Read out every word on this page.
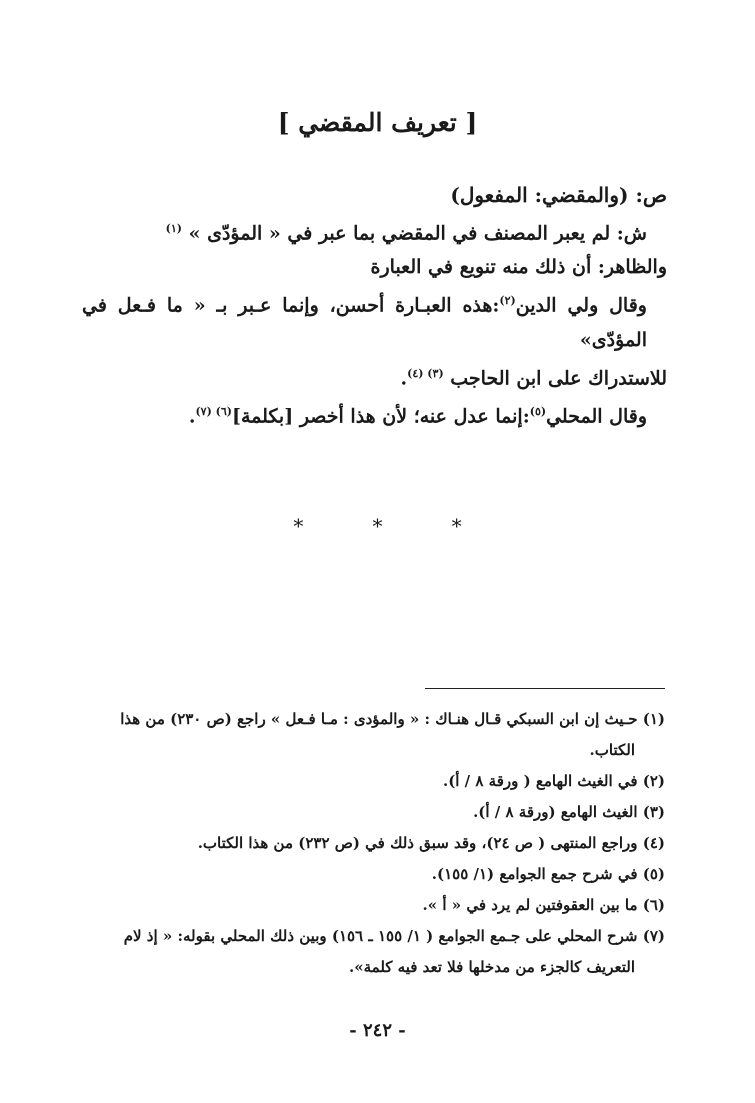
[ تعريف المقضي ]
ص: (والمقضي: المفعول)
ش: لم يعبر المصنف في المقضي بما عبر في « المؤدّى » $^{(١)}$
والظاهر: أن ذلك منه تنويع في العبارة
وقال ولي الدين$^{(٢)}$:هذه العبـارة أحسن، وإنما عـبر بـ « ما فـعل في المؤدّى»
للاستدراك على ابن الحاجب $^{(٣) (٤)}$.
وقال المحلي$^{(٥)}$:إنما عدل عنه؛ لأن هذا أخصر [بكلمة]$^{(٦) (٧)}$.
*	*	*
(١) حـيث إن ابن السبكي قـال هنـاك : « والمؤدى : مـا فـعل » راجع (ص ٢٣٠) من هذا
الكتاب.
(٢) في الغيث الهامع ( ورقة ٨ / أ).
(٣) الغيث الهامع (ورقة ٨ / أ).
(٤) وراجع المنتهى ( ص ٢٤)، وقد سبق ذلك في (ص ٢٣٢) من هذا الكتاب.
(٥) في شرح جمع الجوامع (١/ ١٥٥).
(٦) ما بين العقوفتين لم يرد في « أ ».
(٧) شرح المحلي على جـمع الجوامع ( ١/ ١٥٥ ـ ١٥٦) وبين ذلك المحلي بقوله: « إذ لام
التعريف كالجزء من مدخلها فلا تعد فيه كلمة».
- ٢٤٢ -
